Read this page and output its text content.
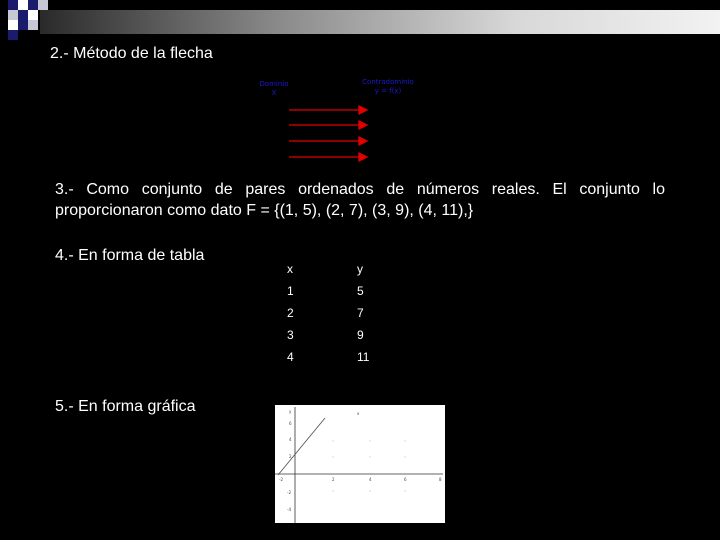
2.- Método de la flecha

Dominio
X
Contradominio
y = f(x)

3.- Como conjunto de pares ordenados de números reales. El conjunto lo proporcionaron como dato F = {(1, 5), (2, 7), (3, 9), (4, 11),}

4.- En forma de tabla

x	y
1	5
2	7
3	9
4	11

5.- En forma gráfica	y
6
4
2
-2
-4
-2	2	4	6	8
x
